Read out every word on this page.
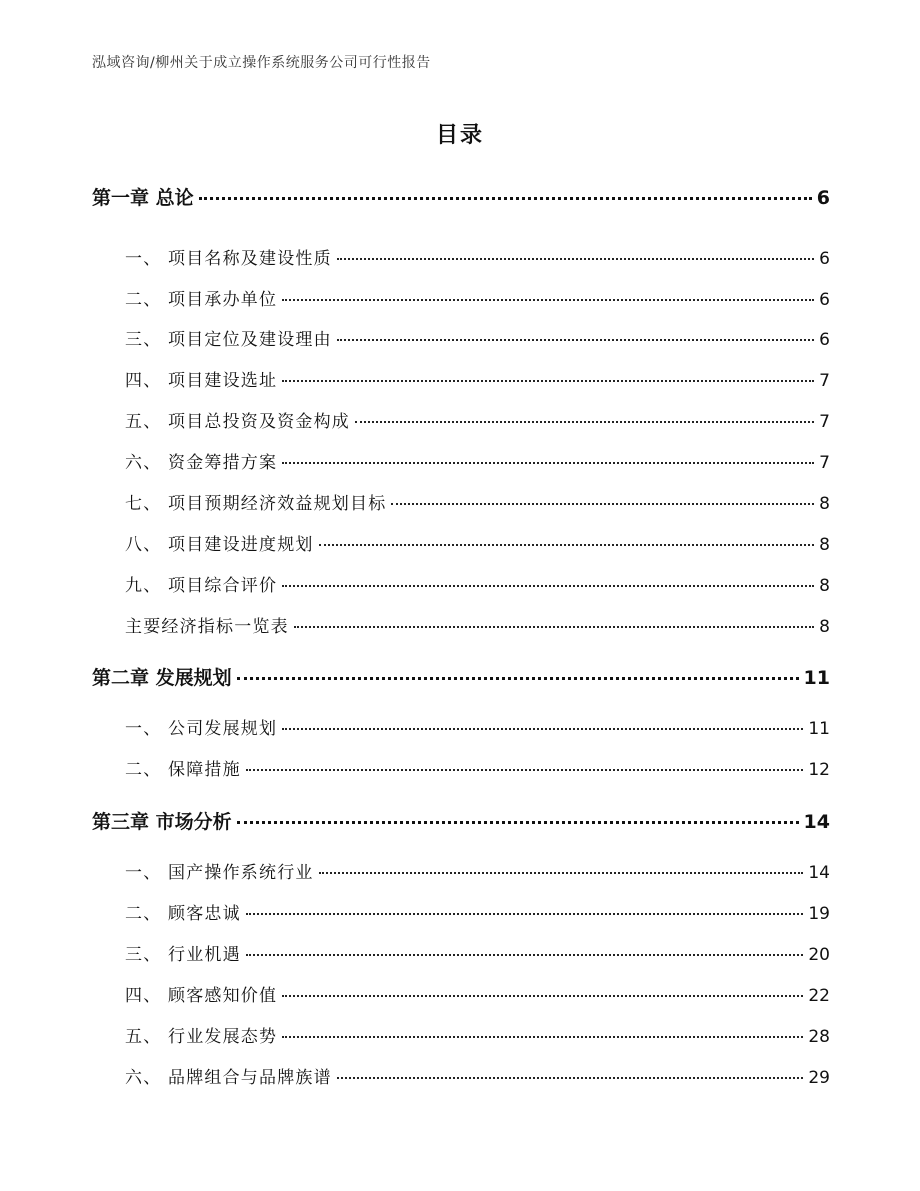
泓域咨询/柳州关于成立操作系统服务公司可行性报告
目录
第一章 总论	6
一、 项目名称及建设性质	6
二、 项目承办单位	6
三、 项目定位及建设理由	6
四、 项目建设选址	7
五、 项目总投资及资金构成	7
六、 资金筹措方案	7
七、 项目预期经济效益规划目标	8
八、 项目建设进度规划	8
九、 项目综合评价	8
主要经济指标一览表	8
第二章 发展规划	11
一、 公司发展规划	11
二、 保障措施	12
第三章 市场分析	14
一、 国产操作系统行业	14
二、 顾客忠诚	19
三、 行业机遇	20
四、 顾客感知价值	22
五、 行业发展态势	28
六、 品牌组合与品牌族谱	29
